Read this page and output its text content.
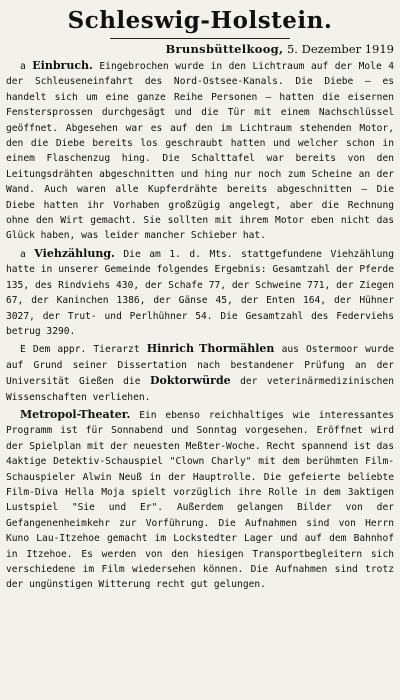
Schleswig-Holstein.

Brunsbüttelkoog, 5. Dezember 1919

a Einbruch. Eingebrochen wurde in den Lichtraum auf der Mole 4 der Schleuseneinfahrt des Nord-Ostsee-Kanals. Die Diebe — es handelt sich um eine ganze Reihe Personen — hatten die eisernen Fenstersprossen durchgesägt und die Tür mit einem Nachschlüssel geöffnet. Abgesehen war es auf den im Lichtraum stehenden Motor, den die Diebe bereits los geschraubt hatten und welcher schon in einem Flaschenzug hing. Die Schalttafel war bereits von den Leitungsdrähten abgeschnitten und hing nur noch zum Scheine an der Wand. Auch waren alle Kupferdrähte bereits abgeschnitten — Die Diebe hatten ihr Vorhaben großzügig angelegt, aber die Rechnung ohne den Wirt gemacht. Sie sollten mit ihrem Motor eben nicht das Glück haben, was leider mancher Schieber hat.

a Viehzählung. Die am 1. d. Mts. stattgefundene Viehzählung hatte in unserer Gemeinde folgendes Ergebnis: Gesamtzahl der Pferde 135, des Rindviehs 430, der Schafe 77, der Schweine 771, der Ziegen 67, der Kaninchen 1386, der Gänse 45, der Enten 164, der Hühner 3027, der Trut- und Perlhühner 54. Die Gesamtzahl des Federviehs betrug 3290.

E Dem appr. Tierarzt Hinrich Thormählen aus Ostermoor wurde auf Grund seiner Dissertation nach bestandener Prüfung an der Universität Gießen die Doktorwürde der veterinärmedizinischen Wissenschaften verliehen.

Metropol-Theater. Ein ebenso reichhaltiges wie interessantes Programm ist für Sonnabend und Sonntag vorgesehen. Eröffnet wird der Spielplan mit der neuesten Meßter-Woche. Recht spannend ist das 4aktige Detektiv-Schauspiel "Clown Charly" mit dem berühmten Film-Schauspieler Alwin Neuß in der Hauptrolle. Die gefeierte beliebte Film-Diva Hella Moja spielt vorzüglich ihre Rolle in dem 3aktigen Lustspiel "Sie und Er". Außerdem gelangen Bilder von der Gefangenenheimkehr zur Vorführung. Die Aufnahmen sind von Herrn Kuno Lau-Itzehoe gemacht im Lockstedter Lager und auf dem Bahnhof in Itzehoe. Es werden von den hiesigen Transportbegleitern sich verschiedene im Film wiedersehen können. Die Aufnahmen sind trotz der ungünstigen Witterung recht gut gelungen.
